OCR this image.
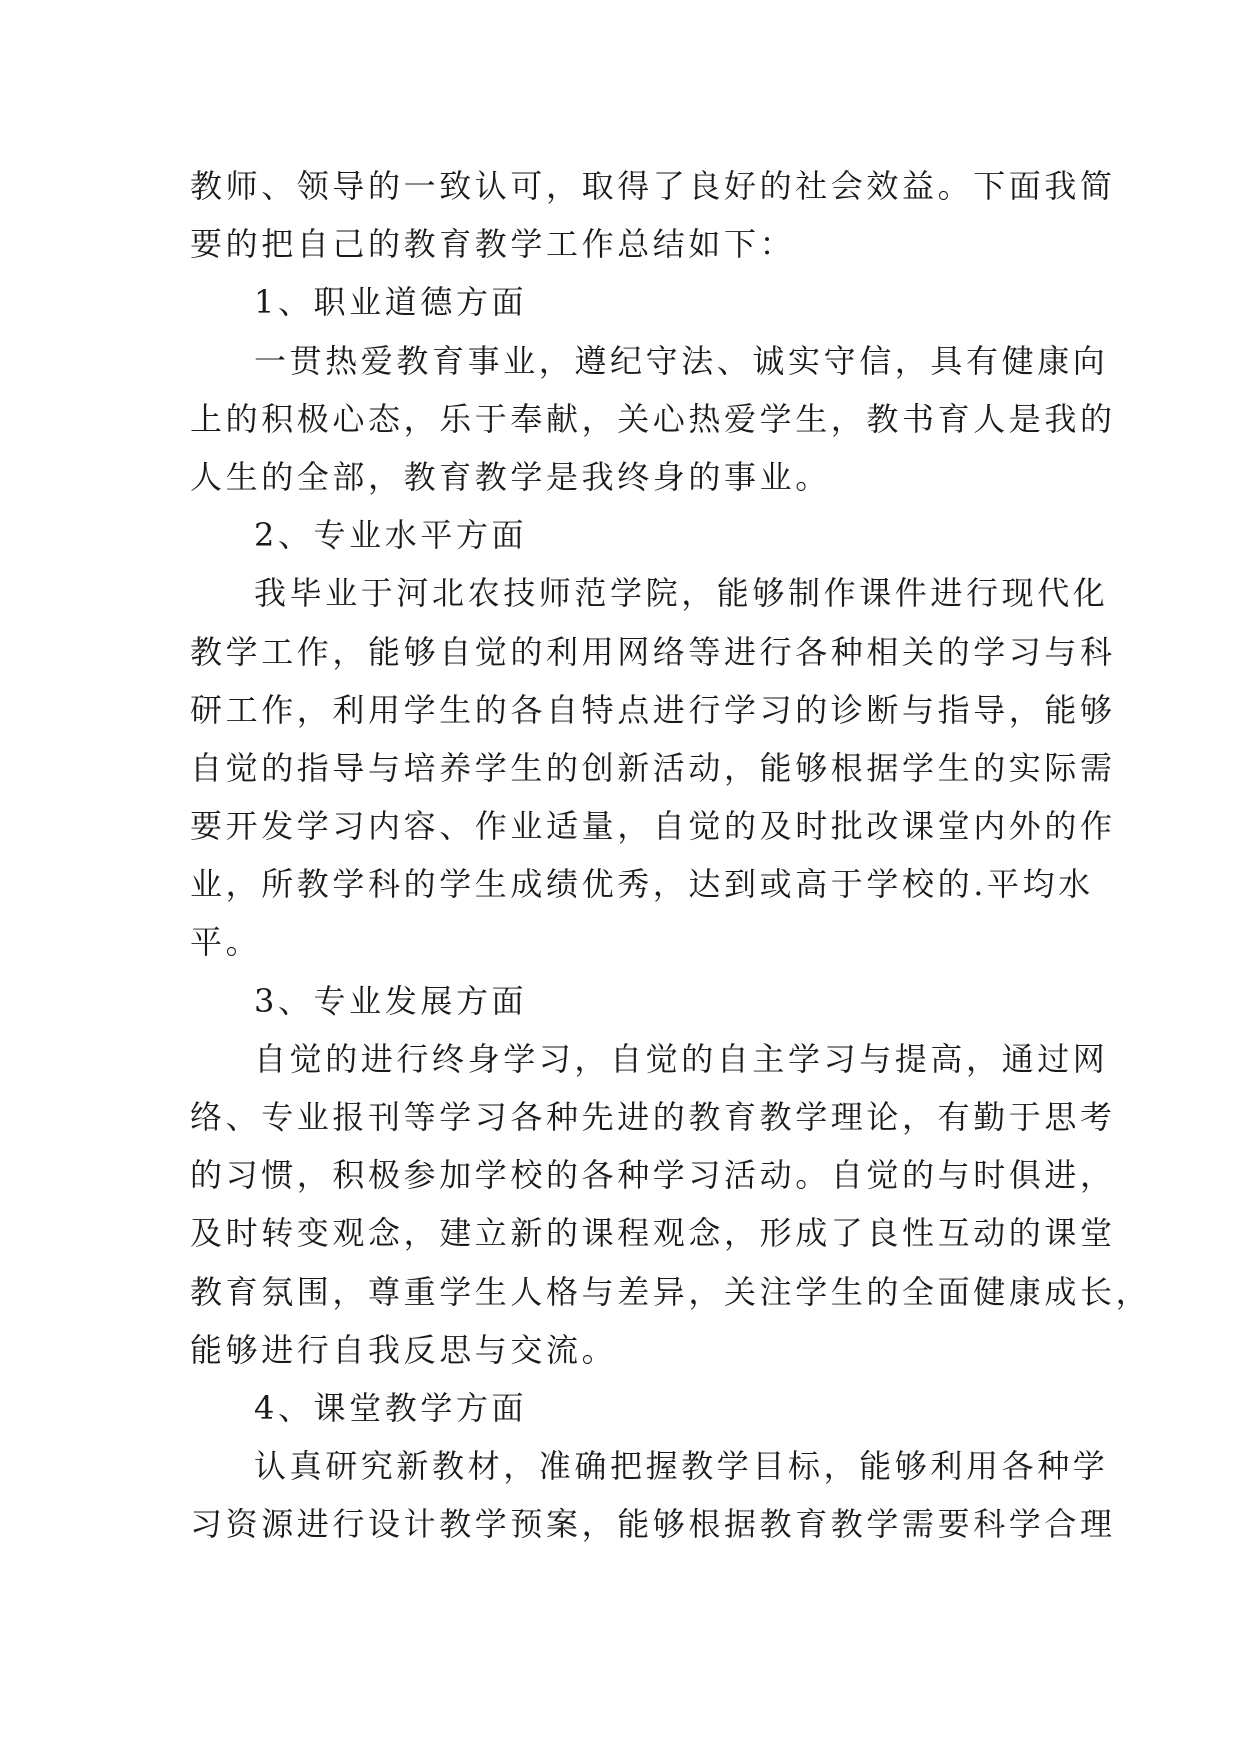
教师、领导的一致认可，取得了良好的社会效益。下面我简
要的把自己的教育教学工作总结如下：
1、职业道德方面
一贯热爱教育事业，遵纪守法、诚实守信，具有健康向
上的积极心态，乐于奉献，关心热爱学生，教书育人是我的
人生的全部，教育教学是我终身的事业。
2、专业水平方面
我毕业于河北农技师范学院，能够制作课件进行现代化
教学工作，能够自觉的利用网络等进行各种相关的学习与科
研工作，利用学生的各自特点进行学习的诊断与指导，能够
自觉的指导与培养学生的创新活动，能够根据学生的实际需
要开发学习内容、作业适量，自觉的及时批改课堂内外的作
业，所教学科的学生成绩优秀，达到或高于学校的.平均水
平。
3、专业发展方面
自觉的进行终身学习，自觉的自主学习与提高，通过网
络、专业报刊等学习各种先进的教育教学理论，有勤于思考
的习惯，积极参加学校的各种学习活动。自觉的与时俱进，
及时转变观念，建立新的课程观念，形成了良性互动的课堂
教育氛围，尊重学生人格与差异，关注学生的全面健康成长，
能够进行自我反思与交流。
4、课堂教学方面
认真研究新教材，准确把握教学目标，能够利用各种学
习资源进行设计教学预案，能够根据教育教学需要科学合理
